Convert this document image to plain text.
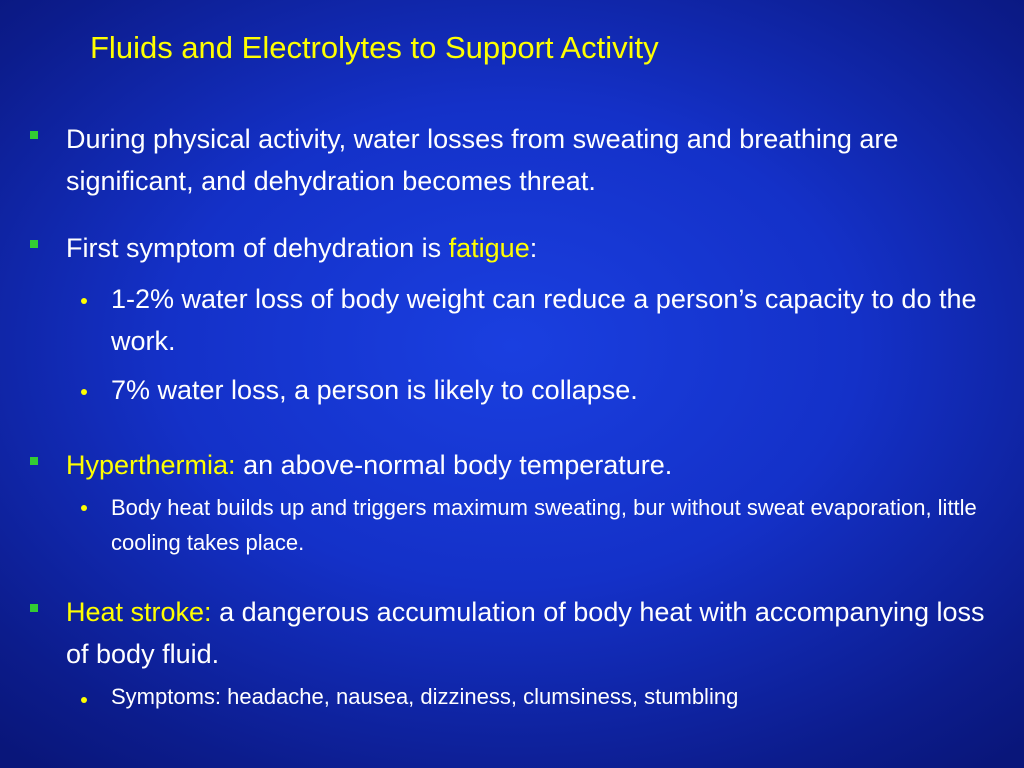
Fluids and Electrolytes to Support Activity
During physical activity, water losses from sweating and breathing are significant, and dehydration becomes threat.
First symptom of dehydration is fatigue:
1-2% water loss of body weight can reduce a person’s capacity to do the work.
7% water loss, a person is likely to collapse.
Hyperthermia: an above-normal body temperature.
Body heat builds up and triggers maximum sweating, bur without sweat evaporation, little cooling takes place.
Heat stroke: a dangerous accumulation of body heat with accompanying loss of body fluid.
Symptoms: headache, nausea, dizziness, clumsiness, stumbling
